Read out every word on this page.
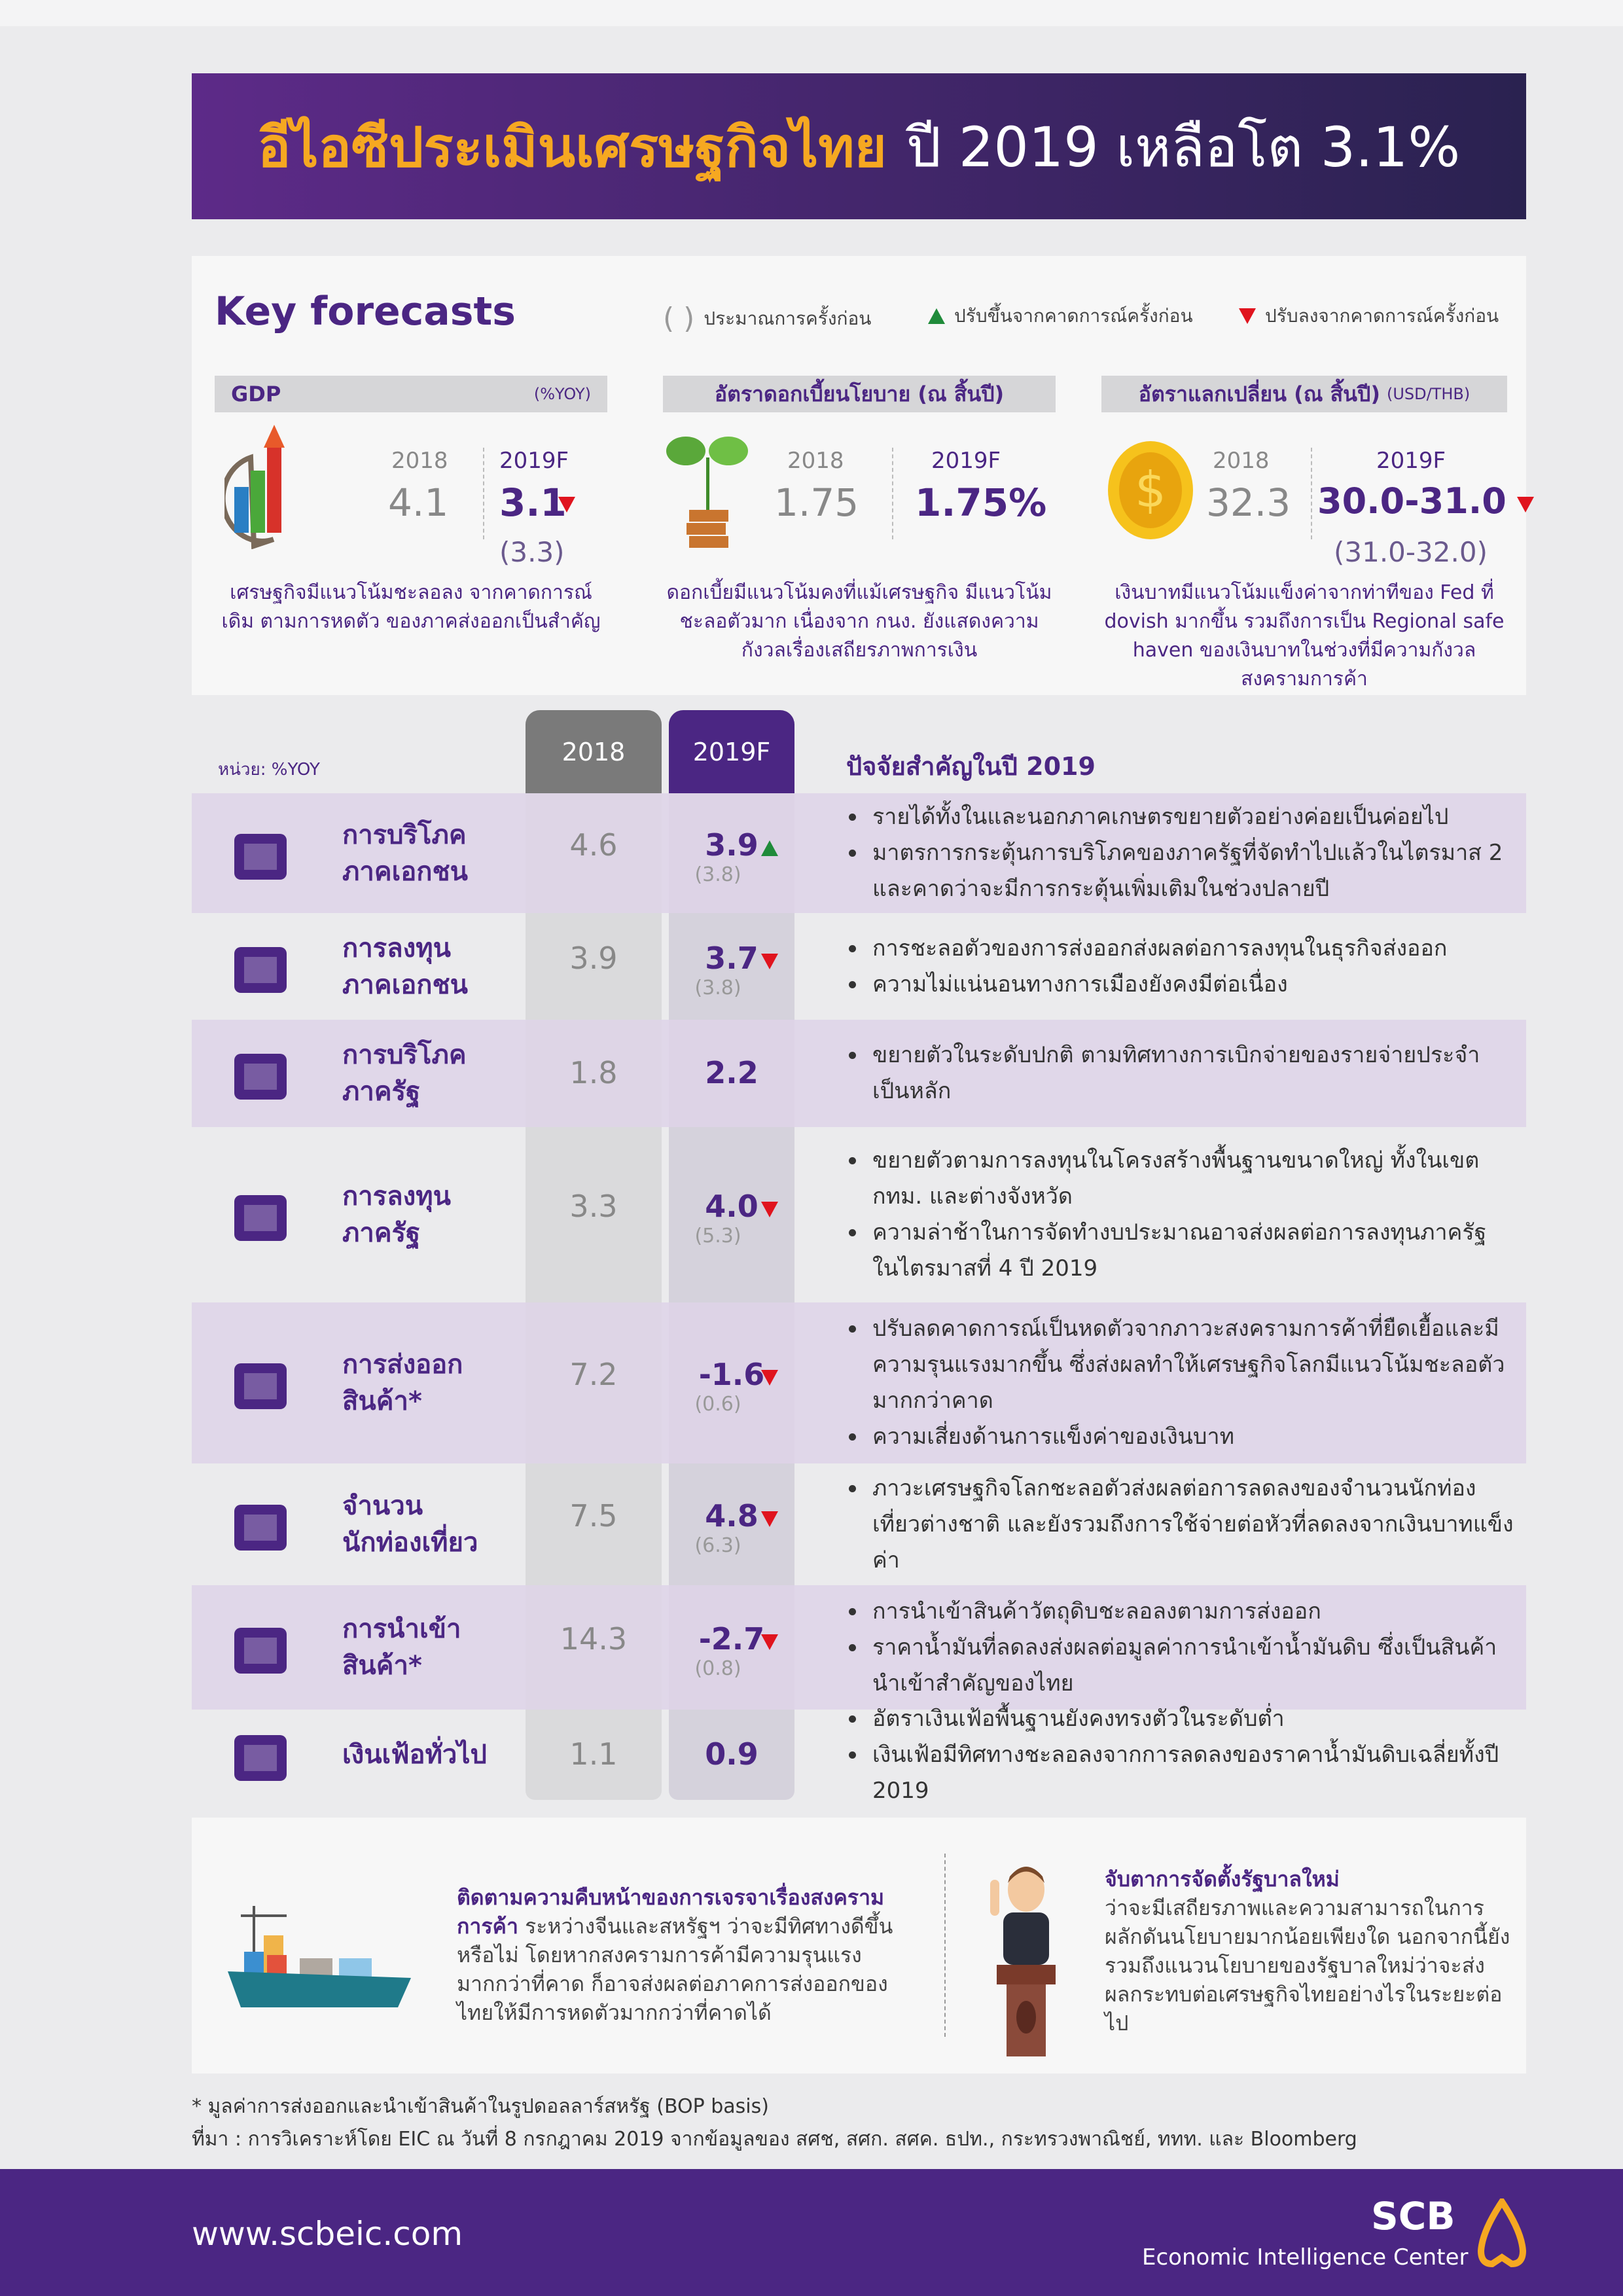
อีไอซีประเมินเศรษฐกิจไทย ปี 2019 เหลือโต 3.1%
Key forecasts	( ) ประมาณการครั้งก่อน	ปรับขึ้นจากคาดการณ์ครั้งก่อน	ปรับลงจากคาดการณ์ครั้งก่อน
GDP	(%YOY)
2018
4.1
2019F
3.1
(3.3)
เศรษฐกิจมีแนวโน้มชะลอลง จากคาดการณ์เดิม ตามการหดตัว ของภาคส่งออกเป็นสำคัญ
อัตราดอกเบี้ยนโยบาย (ณ สิ้นปี)
2018
1.75
2019F
1.75%
ดอกเบี้ยมีแนวโน้มคงที่แม้เศรษฐกิจ มีแนวโน้มชะลอตัวมาก เนื่องจาก กนง. ยังแสดงความกังวลเรื่องเสถียรภาพการเงิน
อัตราแลกเปลี่ยน (ณ สิ้นปี) (USD/THB)
$ 2018
32.3
2019F
30.0-31.0
(31.0-32.0)
เงินบาทมีแนวโน้มแข็งค่าจากท่าทีของ Fed ที่ dovish มากขึ้น รวมถึงการเป็น Regional safe haven ของเงินบาทในช่วงที่มีความกังวลสงครามการค้า
การบริโภค
ภาคเอกชน
4.6	3.9
(3.8)
รายได้ทั้งในและนอกภาคเกษตรขยายตัวอย่างค่อยเป็นค่อยไป
มาตรการกระตุ้นการบริโภคของภาครัฐที่จัดทำไปแล้วในไตรมาส 2 และคาดว่าจะมีการกระตุ้นเพิ่มเติมในช่วงปลายปี
การลงทุน
ภาคเอกชน
3.9	3.7
(3.8)
การชะลอตัวของการส่งออกส่งผลต่อการลงทุนในธุรกิจส่งออก
ความไม่แน่นอนทางการเมืองยังคงมีต่อเนื่อง
การบริโภค
ภาครัฐ
1.8	2.2	ขยายตัวในระดับปกติ ตามทิศทางการเบิกจ่ายของรายจ่ายประจำเป็นหลัก
การลงทุน
ภาครัฐ
3.3	4.0
(5.3)
ขยายตัวตามการลงทุนในโครงสร้างพื้นฐานขนาดใหญ่ ทั้งในเขต กทม. และต่างจังหวัด
ความล่าช้าในการจัดทำงบประมาณอาจส่งผลต่อการลงทุนภาครัฐ ในไตรมาสที่ 4 ปี 2019
การส่งออก
สินค้า*
7.2	-1.6
(0.6)
ปรับลดคาดการณ์เป็นหดตัวจากภาวะสงครามการค้าที่ยืดเยื้อและมีความรุนแรงมากขึ้น ซึ่งส่งผลทำให้เศรษฐกิจโลกมีแนวโน้มชะลอตัวมากกว่าคาด
ความเสี่ยงด้านการแข็งค่าของเงินบาท
จำนวน
นักท่องเที่ยว
7.5	4.8
(6.3)
ภาวะเศรษฐกิจโลกชะลอตัวส่งผลต่อการลดลงของจำนวนนักท่องเที่ยวต่างชาติ และยังรวมถึงการใช้จ่ายต่อหัวที่ลดลงจากเงินบาทแข็งค่า
การนำเข้า
สินค้า*
14.3	-2.7
(0.8)
การนำเข้าสินค้าวัตถุดิบชะลอลงตามการส่งออก
ราคาน้ำมันที่ลดลงส่งผลต่อมูลค่าการนำเข้าน้ำมันดิบ ซึ่งเป็นสินค้านำเข้าสำคัญของไทย
เงินเฟ้อทั่วไป	1.1	0.9
อัตราเงินเฟ้อพื้นฐานยังคงทรงตัวในระดับต่ำ
เงินเฟ้อมีทิศทางชะลอลงจากการลดลงของราคาน้ำมันดิบเฉลี่ยทั้งปี 2019
2018	2019F
หน่วย: %YOY	ปัจจัยสำคัญในปี 2019
ติดตามความคืบหน้าของการเจรจาเรื่องสงครามการค้า ระหว่างจีนและสหรัฐฯ ว่าจะมีทิศทางดีขึ้นหรือไม่ โดยหากสงครามการค้ามีความรุนแรงมากกว่าที่คาด ก็อาจส่งผลต่อภาคการส่งออกของไทยให้มีการหดตัวมากกว่าที่คาดได้
จับตาการจัดตั้งรัฐบาลใหม่
ว่าจะมีเสถียรภาพและความสามารถในการผลักดันนโยบายมากน้อยเพียงใด นอกจากนี้ยังรวมถึงแนวนโยบายของรัฐบาลใหม่ว่าจะส่งผลกระทบต่อเศรษฐกิจไทยอย่างไรในระยะต่อไป
* มูลค่าการส่งออกและนำเข้าสินค้าในรูปดอลลาร์สหรัฐ (BOP basis)
ที่มา : การวิเคราะห์โดย EIC ณ วันที่ 8 กรกฎาคม 2019 จากข้อมูลของ สศช, สศก. สศค. ธปท., กระทรวงพาณิชย์, ททท. และ Bloomberg
www.scbeic.com	SCB
Economic Intelligence Center
